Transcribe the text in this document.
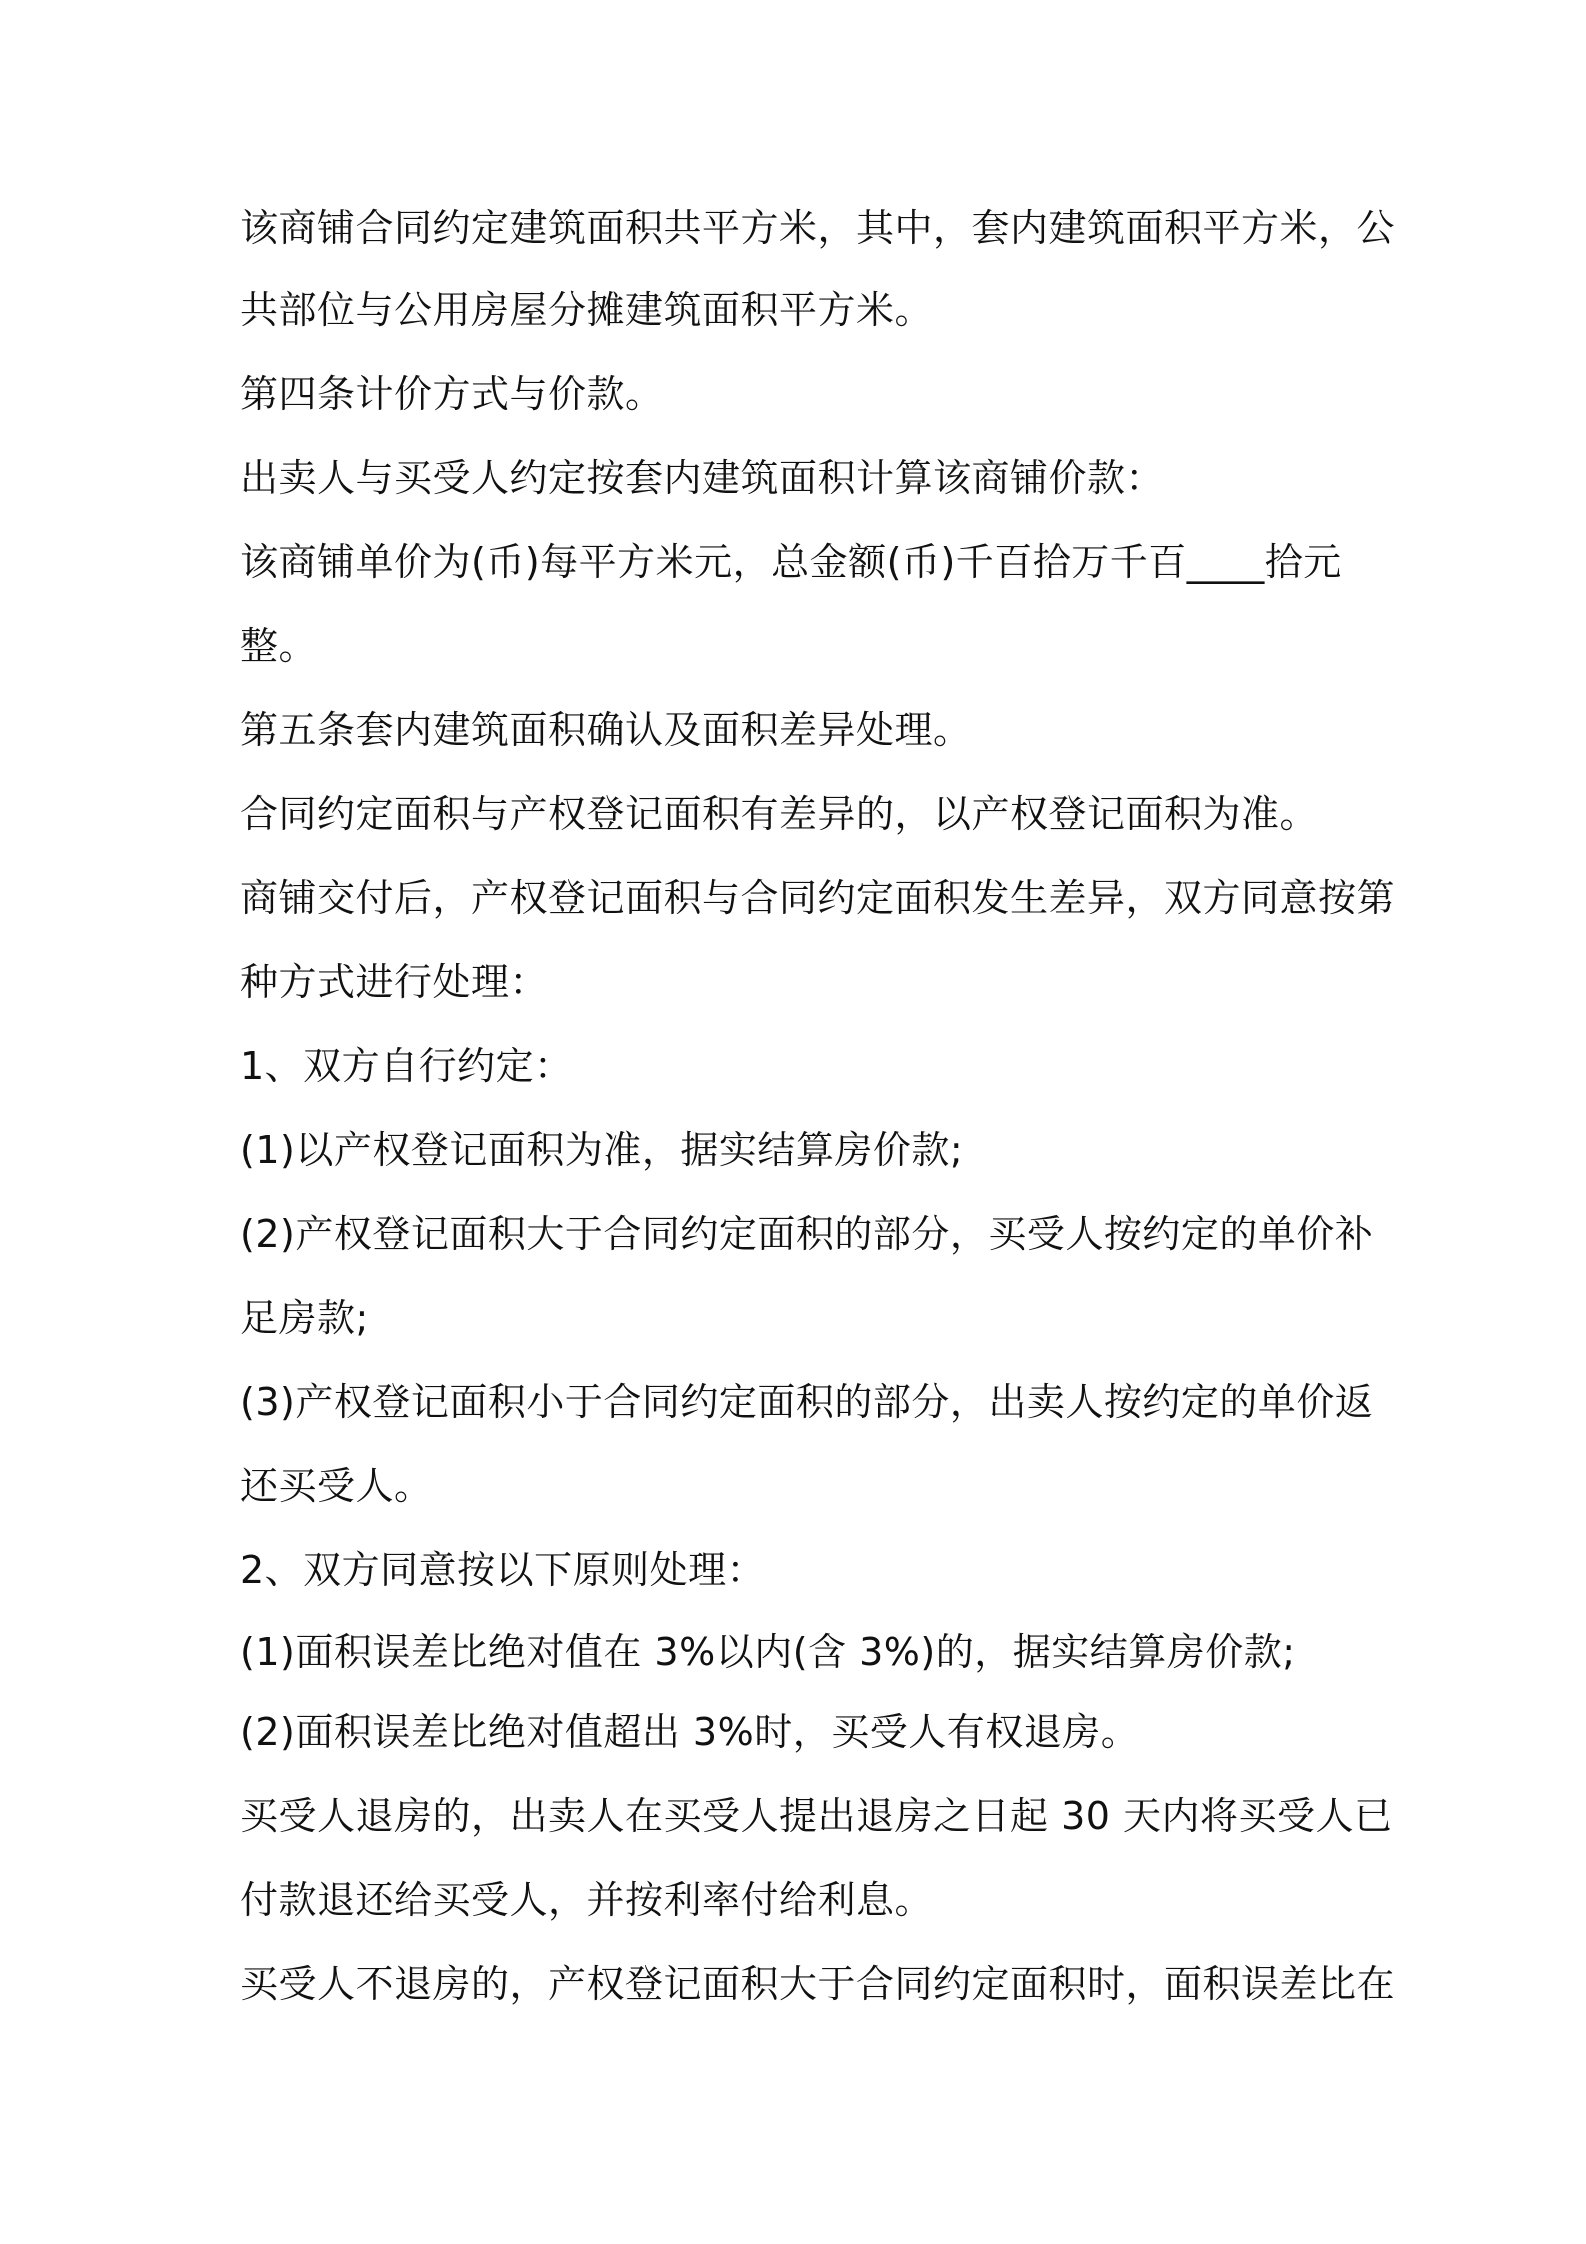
该商铺合同约定建筑面积共平方米，其中，套内建筑面积平方米，公
共部位与公用房屋分摊建筑面积平方米。
第四条计价方式与价款。
出卖人与买受人约定按套内建筑面积计算该商铺价款：
该商铺单价为(币)每平方米元，总金额(币)千百拾万千百____拾元
整。
第五条套内建筑面积确认及面积差异处理。
合同约定面积与产权登记面积有差异的，以产权登记面积为准。
商铺交付后，产权登记面积与合同约定面积发生差异，双方同意按第
种方式进行处理：
1、双方自行约定：
(1)以产权登记面积为准，据实结算房价款;
(2)产权登记面积大于合同约定面积的部分，买受人按约定的单价补
足房款;
(3)产权登记面积小于合同约定面积的部分，出卖人按约定的单价返
还买受人。
2、双方同意按以下原则处理：
(1)面积误差比绝对值在 3%以内(含 3%)的，据实结算房价款;
(2)面积误差比绝对值超出 3%时，买受人有权退房。
买受人退房的，出卖人在买受人提出退房之日起 30 天内将买受人已
付款退还给买受人，并按利率付给利息。
买受人不退房的，产权登记面积大于合同约定面积时，面积误差比在
